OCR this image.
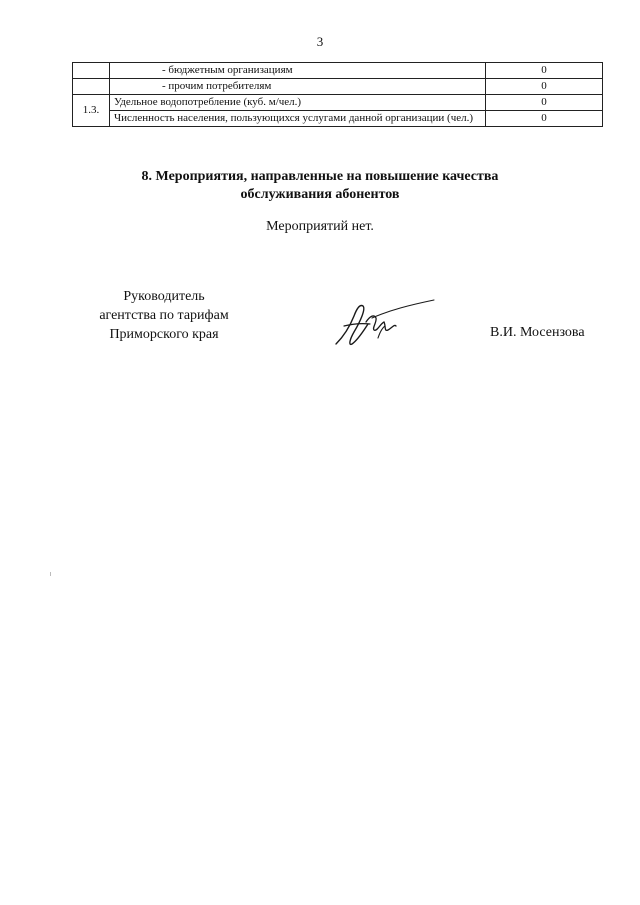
3
	- бюджетным организациям	0
	- прочим потребителям	0
1.3.	Удельное водопотребление (куб. м/чел.)	0
	Численность населения, пользующихся услугами данной организации (чел.)	0
8. Мероприятия, направленные на повышение качества
обслуживания абонентов
Мероприятий нет.
Руководитель
агентства по тарифам
Приморского края	В.И. Мосензова
